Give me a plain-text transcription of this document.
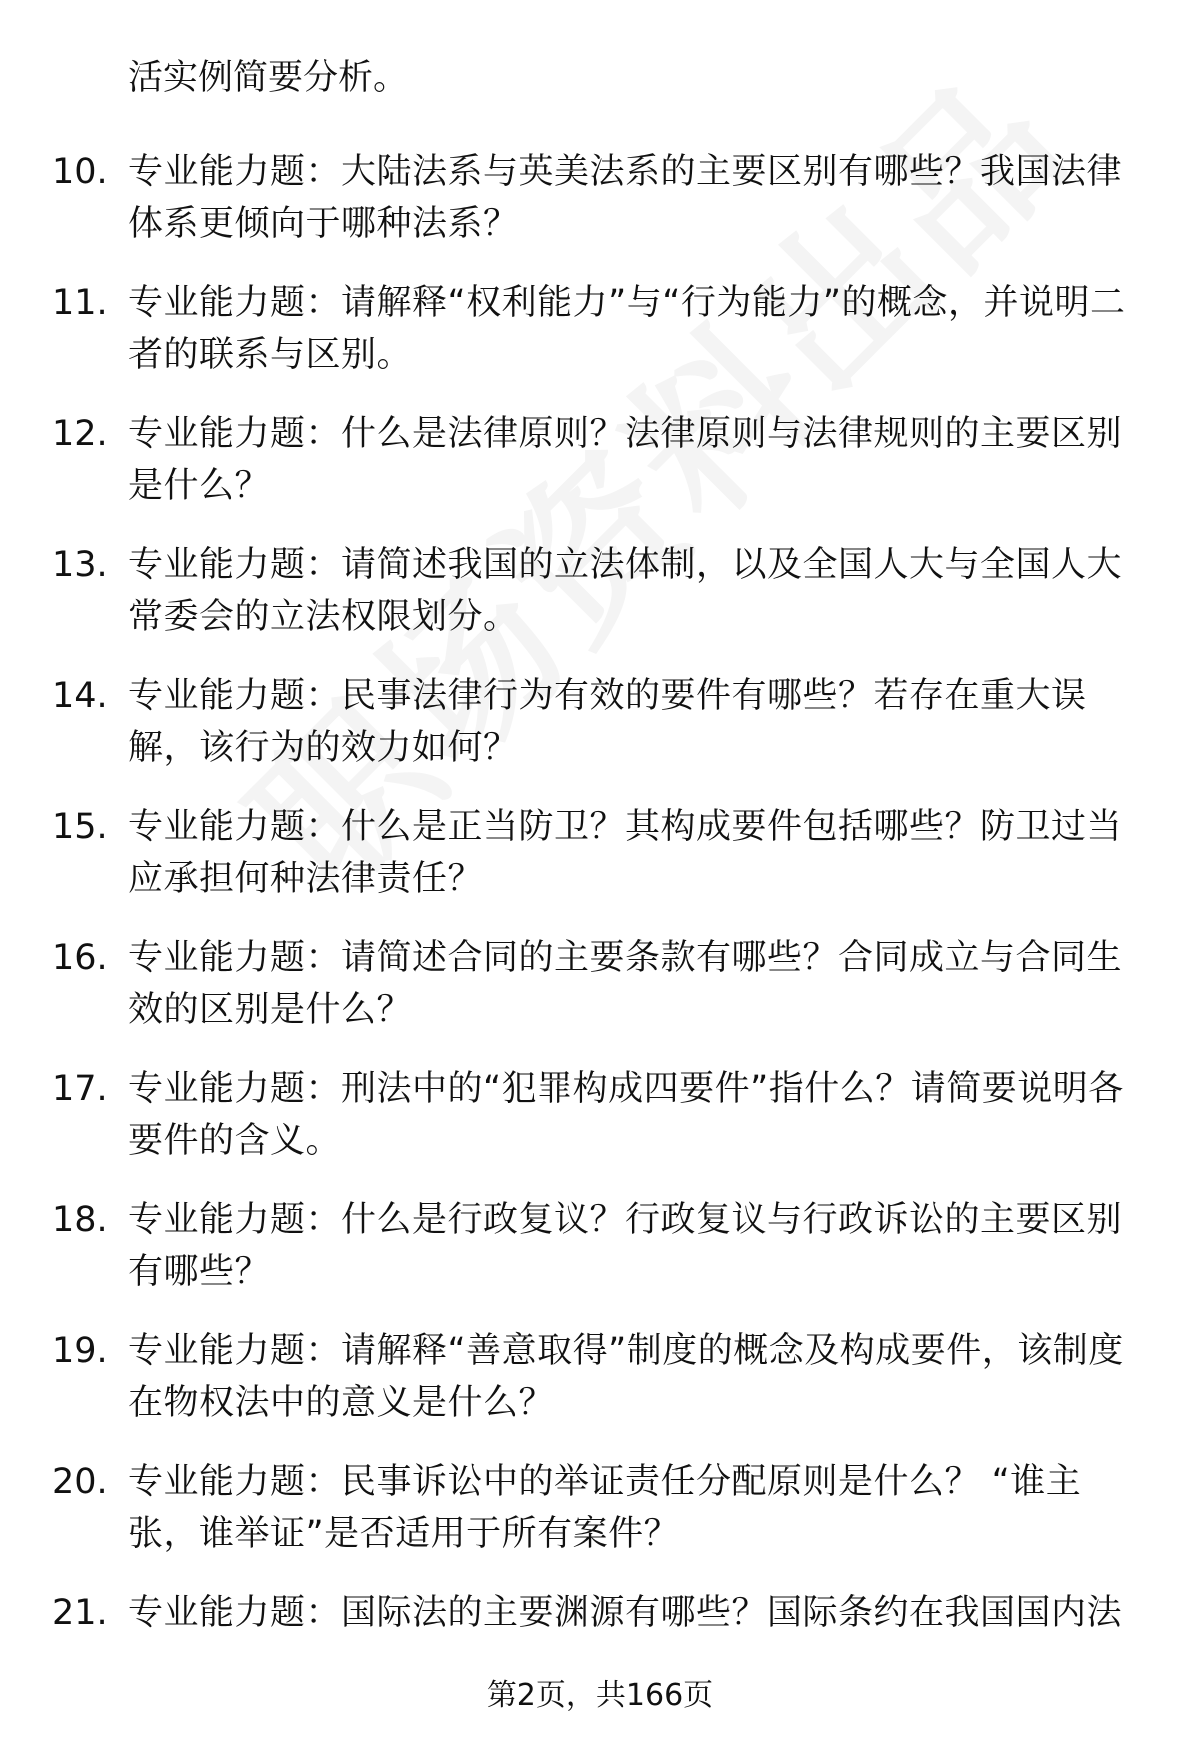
活实例简要分析。

10. 专业能力题：大陆法系与英美法系的主要区别有哪些？我国法律体系更倾向于哪种法系？
11. 专业能力题：请解释“权利能力”与“行为能力”的概念，并说明二者的联系与区别。
12. 专业能力题：什么是法律原则？法律原则与法律规则的主要区别是什么？
13. 专业能力题：请简述我国的立法体制，以及全国人大与全国人大常委会的立法权限划分。
14. 专业能力题：民事法律行为有效的要件有哪些？若存在重大误解，该行为的效力如何？
15. 专业能力题：什么是正当防卫？其构成要件包括哪些？防卫过当应承担何种法律责任？
16. 专业能力题：请简述合同的主要条款有哪些？合同成立与合同生效的区别是什么？
17. 专业能力题：刑法中的“犯罪构成四要件”指什么？请简要说明各要件的含义。
18. 专业能力题：什么是行政复议？行政复议与行政诉讼的主要区别有哪些？
19. 专业能力题：请解释“善意取得”制度的概念及构成要件，该制度在物权法中的意义是什么？
20. 专业能力题：民事诉讼中的举证责任分配原则是什么？ “谁主张，谁举证”是否适用于所有案件？
21. 专业能力题：国际法的主要渊源有哪些？国际条约在我国国内法
第2页，共166页
